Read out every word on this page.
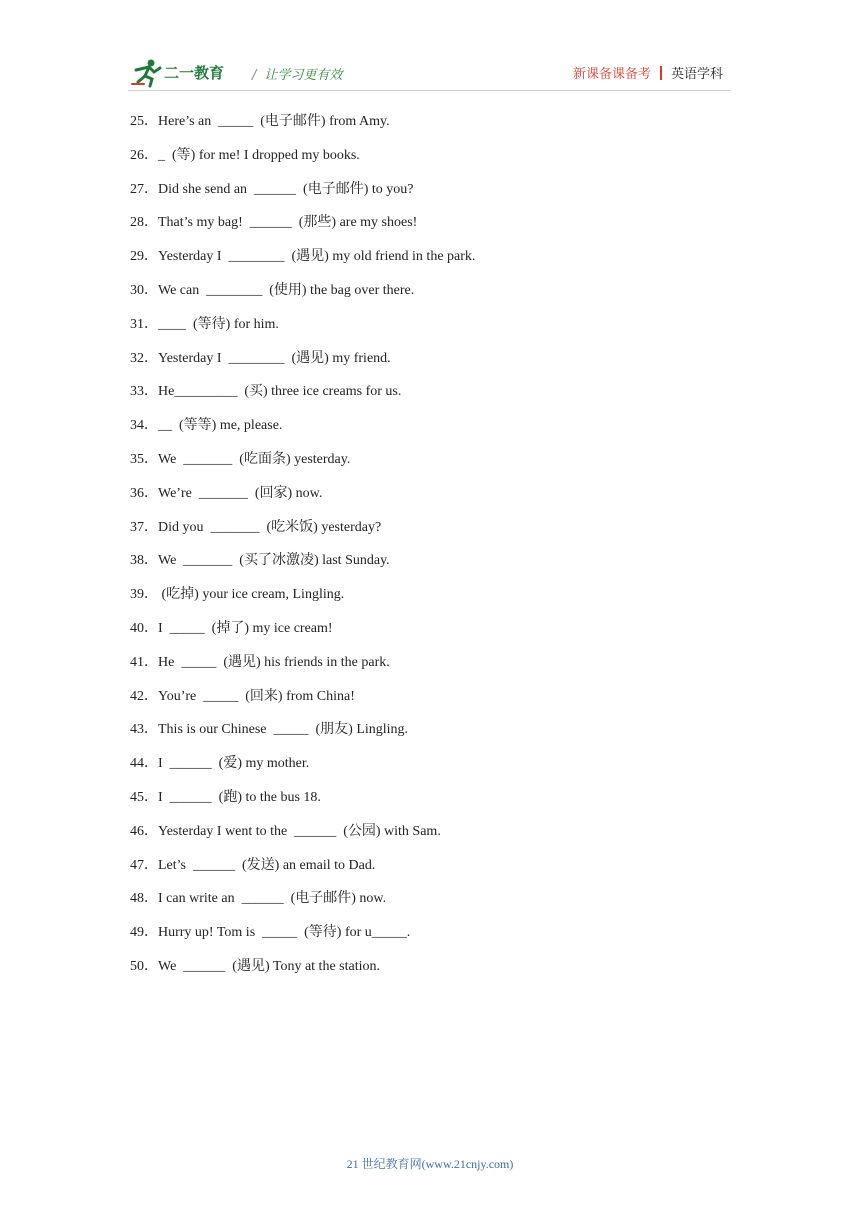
二一教育 / 让学习更有效	新课备课备考 英语学科
25．Here’s an  _____  (电子邮件) from Amy.
26．_  (等) for me! I dropped my books.
27．Did she send an  ______  (电子邮件) to you?
28．That’s my bag!  ______  (那些) are my shoes!
29．Yesterday I  ________  (遇见) my old friend in the park.
30．We can  ________  (使用) the bag over there.
31．____  (等待) for him.
32．Yesterday I  ________  (遇见) my friend.
33．He_________  (买) three ice creams for us.
34．__  (等等) me, please.
35．We  _______  (吃面条) yesterday.
36．We’re  _______  (回家) now.
37．Did you  _______  (吃米饭) yesterday?
38．We  _______  (买了冰激凌) last Sunday.
39． (吃掉) your ice cream, Lingling.
40．I  _____  (掉了) my ice cream!
41．He  _____  (遇见) his friends in the park.
42．You’re  _____  (回来) from China!
43．This is our Chinese  _____  (朋友) Lingling.
44．I  ______  (爱) my mother.
45．I  ______  (跑) to the bus 18.
46．Yesterday I went to the  ______  (公园) with Sam.
47．Let’s  ______  (发送) an email to Dad.
48．I can write an  ______  (电子邮件) now.
49．Hurry up! Tom is  _____  (等待) for u_____.
50．We  ______  (遇见) Tony at the station.
21 世纪教育网(www.21cnjy.com)
